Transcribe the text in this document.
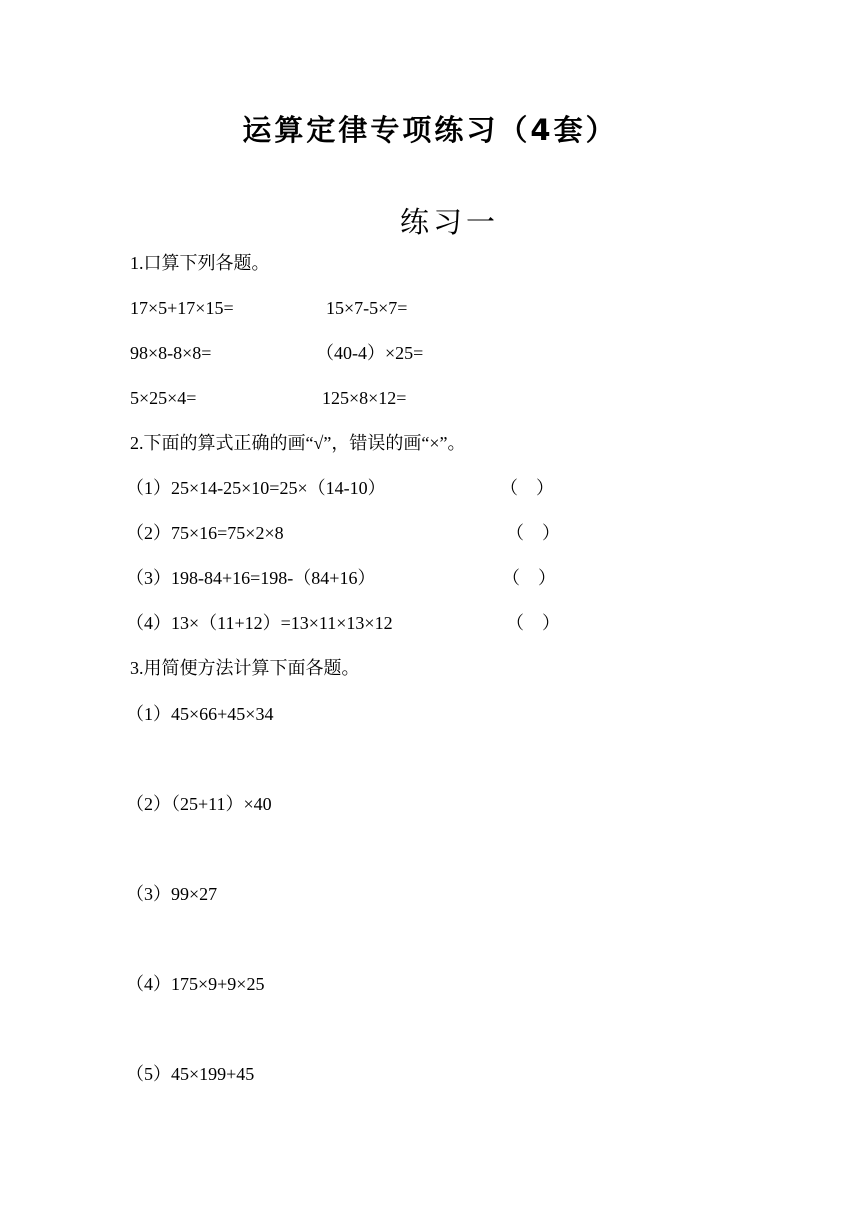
运算定律专项练习（4套）
练习一
1.口算下列各题。
17×5+17×15=	15×7-5×7=
98×8-8×8=	（40-4）×25=
5×25×4=	125×8×12=
2.下面的算式正确的画“√”，错误的画“×”。
（1）25×14-25×10=25×（14-10）	（    ）
（2）75×16=75×2×8	（    ）
（3）198-84+16=198-（84+16）	（    ）
（4）13×（11+12）=13×11×13×12	（    ）
3.用简便方法计算下面各题。
（1）45×66+45×34
（2）（25+11）×40
（3）99×27
（4）175×9+9×25
（5）45×199+45
